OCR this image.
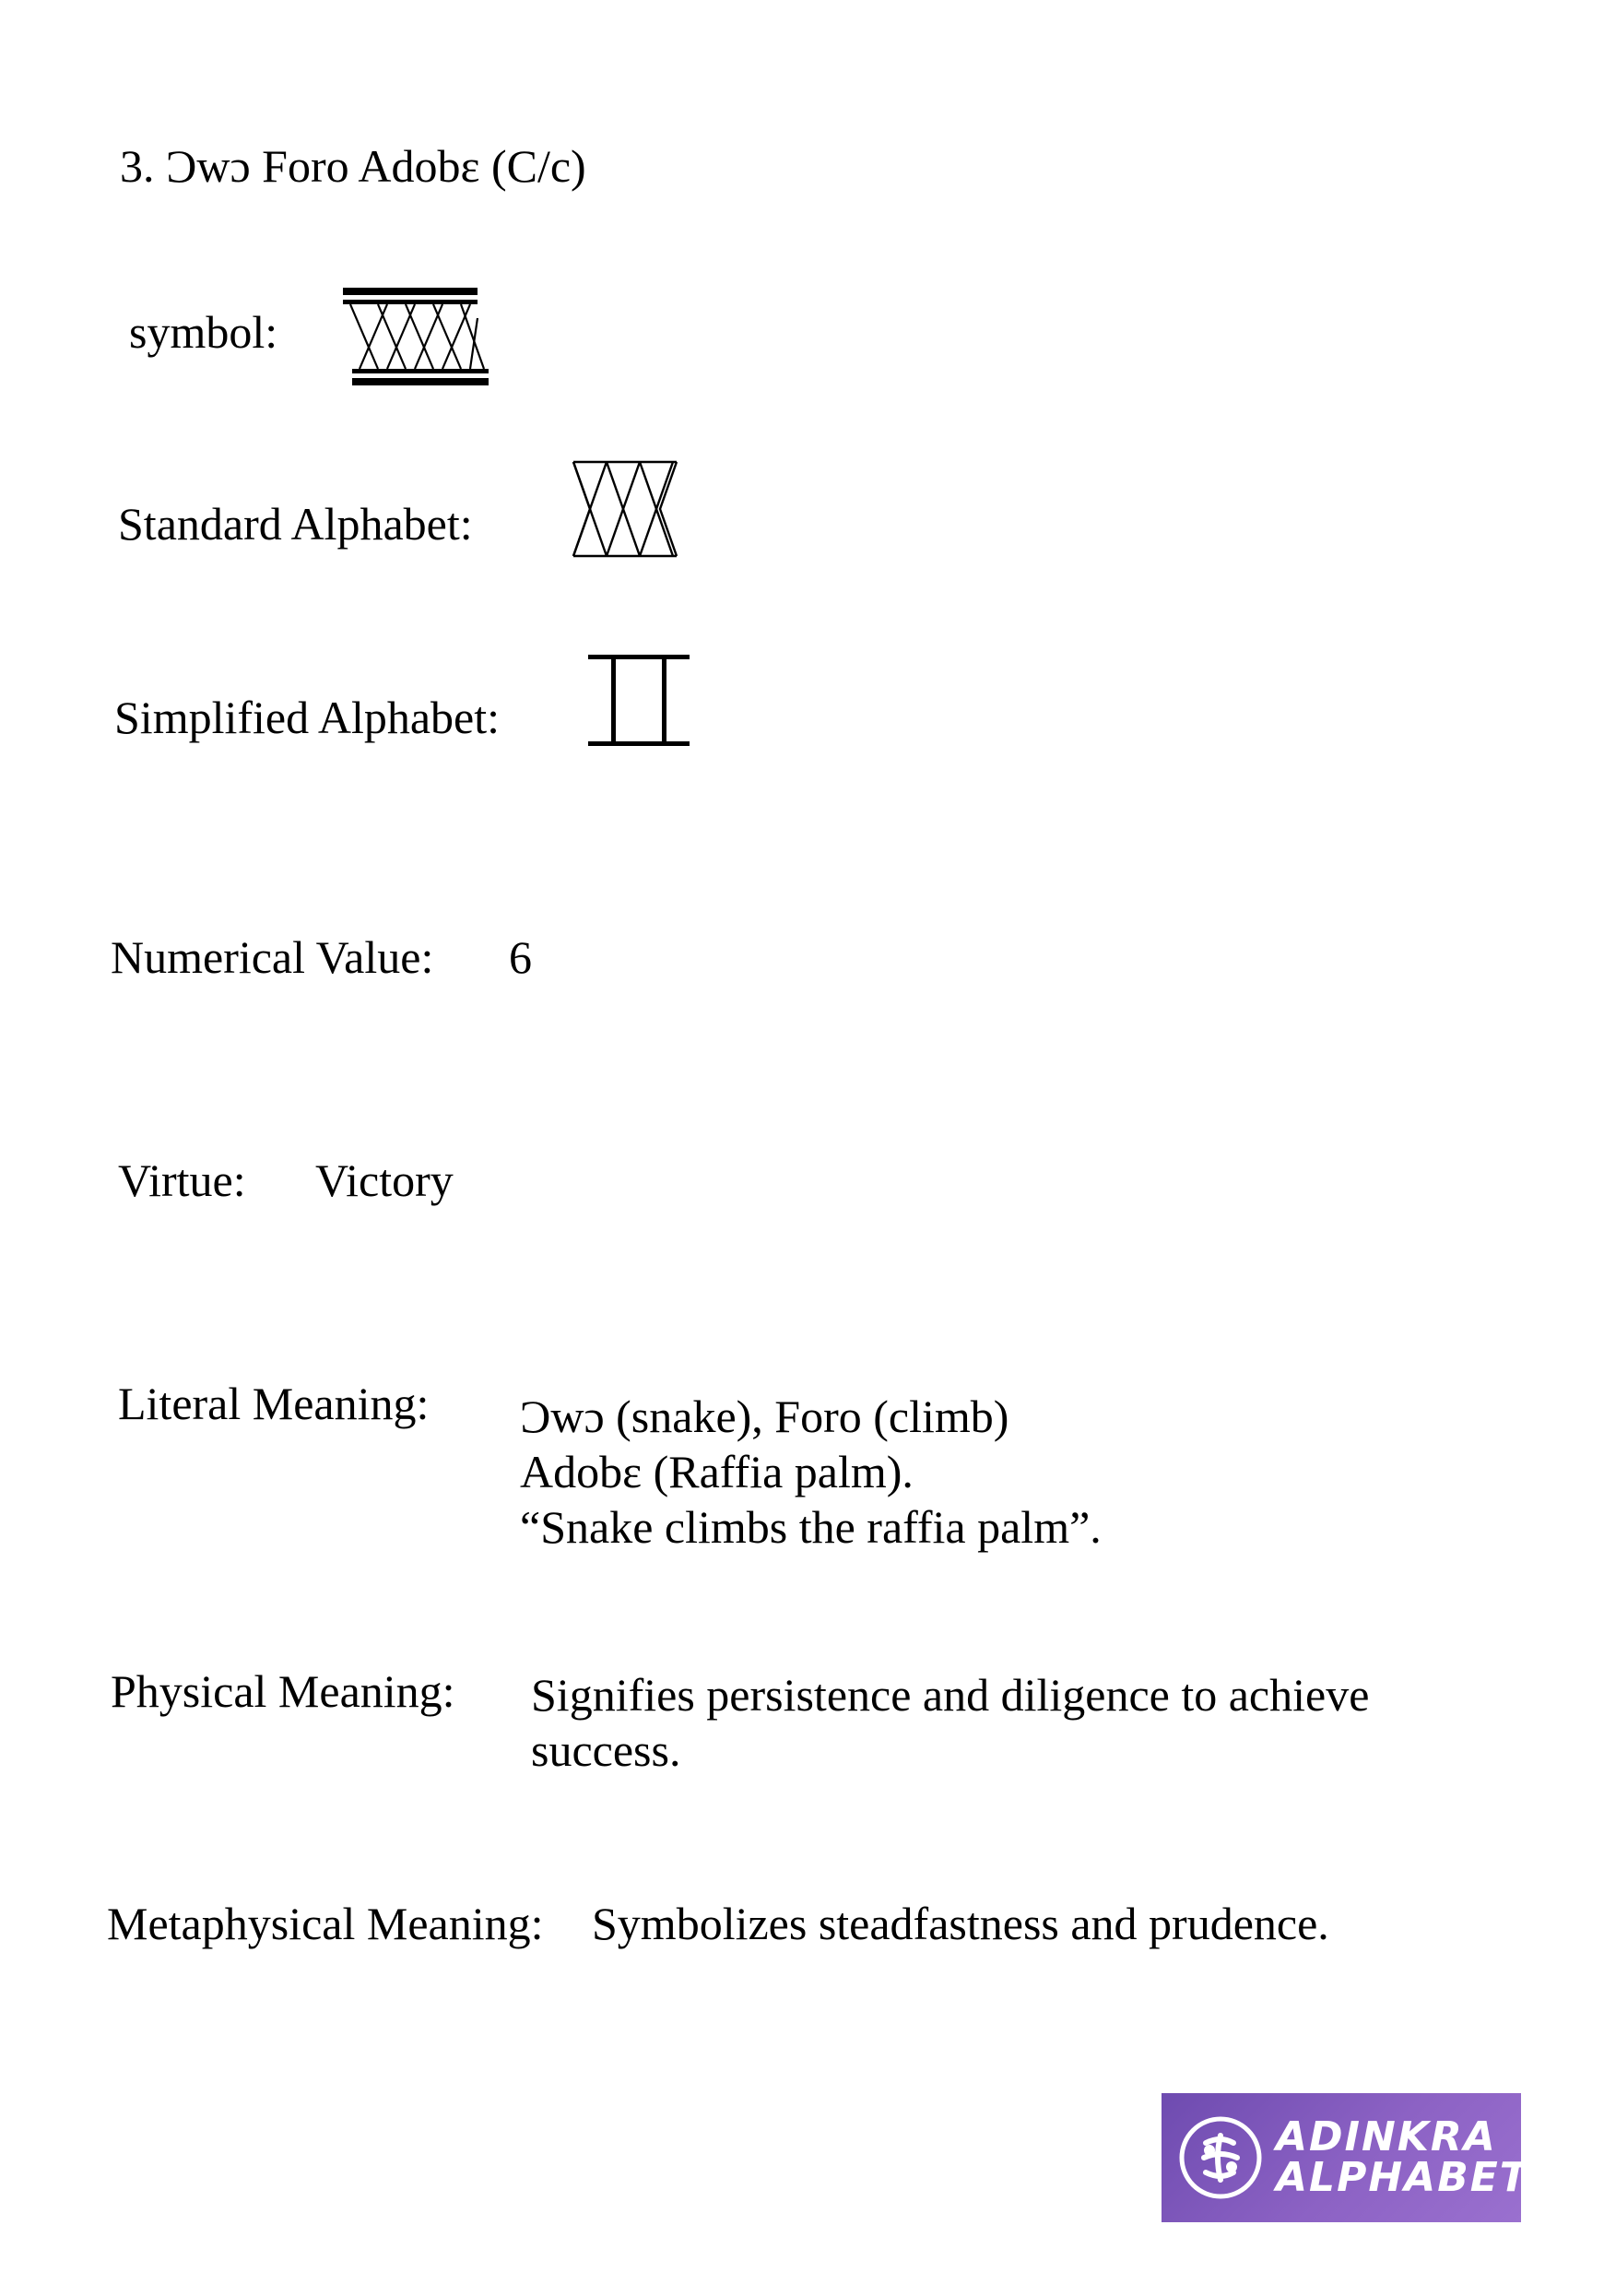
3. Ɔwɔ Foro Adobɛ (C/c)
symbol:
Standard Alphabet:
Simplified Alphabet:
Numerical Value: 6
Virtue: Victory
Literal Meaning: Ɔwɔ (snake), Foro (climb)
Adobɛ (Raffia palm).
“Snake climbs the raffia palm”.
Physical Meaning: Signifies persistence and diligence to achieve
success.
Metaphysical Meaning: Symbolizes steadfastness and prudence.
ADINKRA
ALPHABET
